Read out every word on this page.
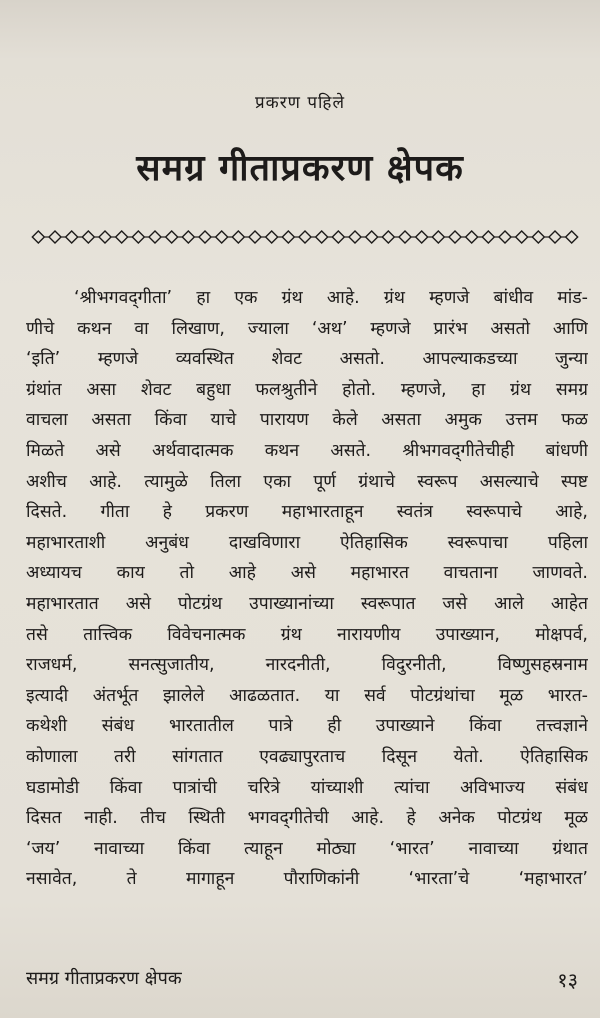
प्रकरण पहिले
समग्र गीताप्रकरण क्षेपक
‘श्रीभगवद्‌गीता’ हा एक ग्रंथ आहे. ग्रंथ म्हणजे बांधीव मांड-
णीचे कथन वा लिखाण, ज्याला ‘अथ’ म्हणजे प्रारंभ असतो आणि
‘इति’ म्हणजे व्यवस्थित शेवट असतो. आपल्याकडच्या जुन्या
ग्रंथांत असा शेवट बहुधा फलश्रुतीने होतो. म्हणजे, हा ग्रंथ समग्र
वाचला असता किंवा याचे पारायण केले असता अमुक उत्तम फळ
मिळते असे अर्थवादात्मक कथन असते. श्रीभगवद्‌गीतेचीही बांधणी
अशीच आहे. त्यामुळे तिला एका पूर्ण ग्रंथाचे स्वरूप असल्याचे स्पष्ट
दिसते. गीता हे प्रकरण महाभारताहून स्वतंत्र स्वरूपाचे आहे,
महाभारताशी अनुबंध दाखविणारा ऐतिहासिक स्वरूपाचा पहिला
अध्यायच काय तो आहे असे महाभारत वाचताना जाणवते.
महाभारतात असे पोटग्रंथ उपाख्यानांच्या स्वरूपात जसे आले आहेत
तसे तात्त्विक विवेचनात्मक ग्रंथ नारायणीय उपाख्यान, मोक्षपर्व,
राजधर्म, सनत्सुजातीय, नारदनीती, विदुरनीती, विष्णुसहस्रनाम
इत्यादी अंतर्भूत झालेले आढळतात. या सर्व पोटग्रंथांचा मूळ भारत-
कथेशी संबंध भारतातील पात्रे ही उपाख्याने किंवा तत्त्वज्ञाने
कोणाला तरी सांगतात एवढ्यापुरताच दिसून येतो. ऐतिहासिक
घडामोडी किंवा पात्रांची चरित्रे यांच्याशी त्यांचा अविभाज्य संबंध
दिसत नाही. तीच स्थिती भगवद्‌गीतेची आहे. हे अनेक पोटग्रंथ मूळ
‘जय’ नावाच्या किंवा त्याहून मोठ्या ‘भारत’ नावाच्या ग्रंथात
नसावेत, ते मागाहून पौराणिकांनी ‘भारता’चे ‘महाभारत’
समग्र गीताप्रकरण क्षेपक	१३
